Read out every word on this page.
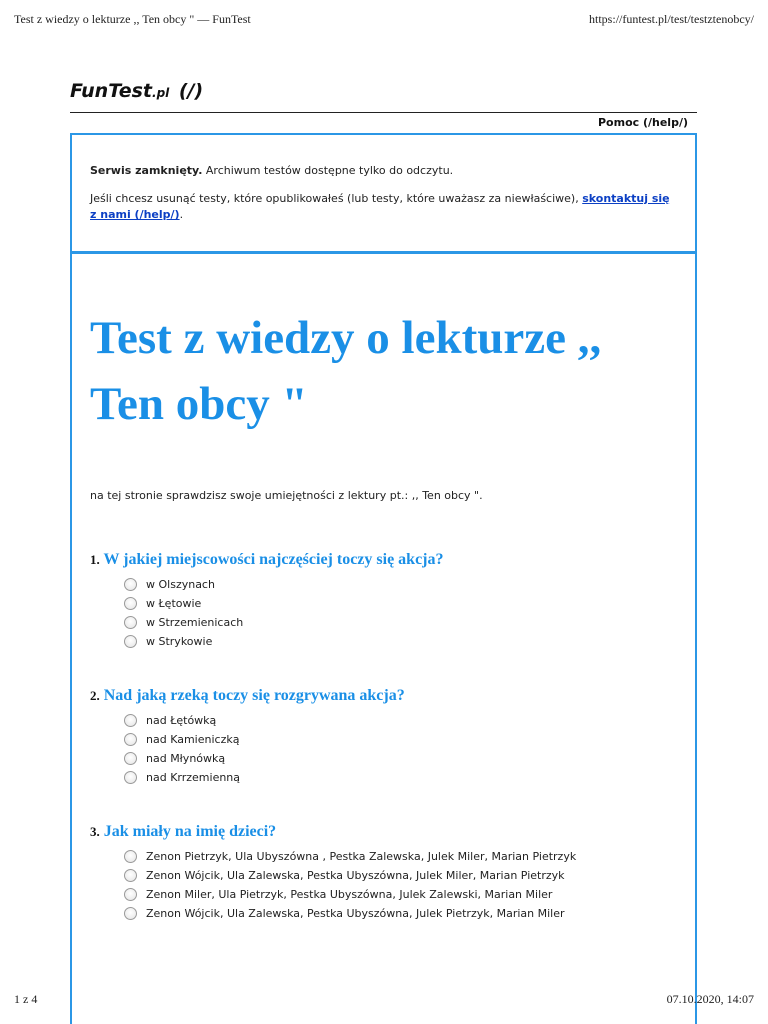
Test z wiedzy o lekturze ,, Ten obcy " — FunTest	https://funtest.pl/test/testztenobcy/
FunTest.pl (/)
Pomoc (/help/)

Serwis zamknięty. Archiwum testów dostępne tylko do odczytu.

Jeśli chcesz usunąć testy, które opublikowałeś (lub testy, które uważasz za niewłaściwe), skontaktuj się z nami (/help/).

Test z wiedzy o lekturze ,, Ten obcy "
na tej stronie sprawdzisz swoje umiejętności z lektury pt.: ,, Ten obcy ".
1. W jakiej miejscowości najczęściej toczy się akcja?
w Olszynach
w Łętowie
w Strzemienicach
w Strykowie
2. Nad jaką rzeką toczy się rozgrywana akcja?
nad Łętówką
nad Kamieniczką
nad Młynówką
nad Krrzemienną
3. Jak miały na imię dzieci?
Zenon Pietrzyk, Ula Ubyszówna , Pestka Zalewska, Julek Miler, Marian Pietrzyk
Zenon Wójcik, Ula Zalewska, Pestka Ubyszówna, Julek Miler, Marian Pietrzyk
Zenon Miler, Ula Pietrzyk, Pestka Ubyszówna, Julek Zalewski, Marian Miler
Zenon Wójcik, Ula Zalewska, Pestka Ubyszówna, Julek Pietrzyk, Marian Miler
1 z 4	07.10.2020, 14:07
